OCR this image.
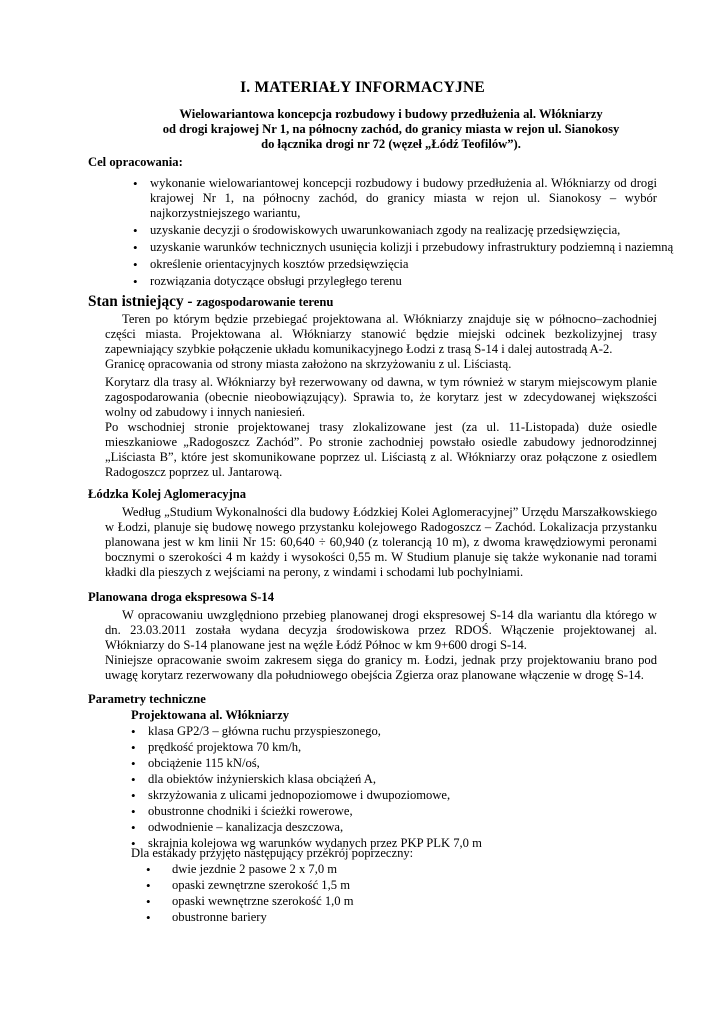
I. MATERIAŁY INFORMACYJNE
Wielowariantowa koncepcja rozbudowy i budowy przedłużenia al. Włókniarzy
od drogi krajowej Nr 1, na północny zachód, do granicy miasta w rejon ul. Sianokosy
do łącznika drogi nr 72 (węzeł „Łódź Teofilów”).
Cel opracowania:
• wykonanie wielowariantowej koncepcji rozbudowy i budowy przedłużenia al. Włókniarzy od drogi krajowej Nr 1, na północny zachód, do granicy miasta w rejon ul. Sianokosy – wybór najkorzystniejszego wariantu,
• uzyskanie decyzji o środowiskowych uwarunkowaniach zgody na realizację przedsięwzięcia,
• uzyskanie warunków technicznych usunięcia kolizji i przebudowy infrastruktury podziemną i naziemną
• określenie orientacyjnych kosztów przedsięwzięcia
• rozwiązania dotyczące obsługi przyległego terenu
Stan istniejący - zagospodarowanie terenu

Teren po którym będzie przebiegać projektowana al. Włókniarzy znajduje się w północno–zachodniej części miasta. Projektowana al. Włókniarzy stanowić będzie miejski odcinek bezkolizyjnej trasy zapewniający szybkie połączenie układu komunikacyjnego Łodzi z trasą S-14 i dalej autostradą A-2.

Granicę opracowania od strony miasta założono na skrzyżowaniu z ul. Liściastą.

Korytarz dla trasy al. Włókniarzy był rezerwowany od dawna, w tym również w starym miejscowym planie zagospodarowania (obecnie nieobowiązujący). Sprawia to, że korytarz jest w zdecydowanej większości wolny od zabudowy i innych naniesień.

Po wschodniej stronie projektowanej trasy zlokalizowane jest (za ul. 11-Listopada) duże osiedle mieszkaniowe „Radogoszcz Zachód”. Po stronie zachodniej powstało osiedle zabudowy jednorodzinnej „Liściasta B”, które jest skomunikowane poprzez ul. Liściastą z al. Włókniarzy oraz połączone z osiedlem Radogoszcz poprzez ul. Jantarową.

Łódzka Kolej Aglomeracyjna

Według „Studium Wykonalności dla budowy Łódzkiej Kolei Aglomeracyjnej” Urzędu Marszałkowskiego w Łodzi, planuje się budowę nowego przystanku kolejowego Radogoszcz – Zachód. Lokalizacja przystanku planowana jest w km linii Nr 15: 60,640 ÷ 60,940 (z tolerancją 10 m), z dwoma krawędziowymi peronami bocznymi o szerokości 4 m każdy i wysokości 0,55 m. W Studium planuje się także wykonanie nad torami kładki dla pieszych z wejściami na perony, z windami i schodami lub pochylniami.

Planowana droga ekspresowa S-14

W opracowaniu uwzględniono przebieg planowanej drogi ekspresowej S-14 dla wariantu dla którego w dn. 23.03.2011 została wydana decyzja środowiskowa przez RDOŚ. Włączenie projektowanej al. Włókniarzy do S-14 planowane jest na węźle Łódź Północ w km 9+600 drogi S-14.

Niniejsze opracowanie swoim zakresem sięga do granicy m. Łodzi, jednak przy projektowaniu brano pod uwagę korytarz rezerwowany dla południowego obejścia Zgierza oraz planowane włączenie w drogę S-14.

Parametry techniczne
Projektowana al. Włókniarzy
• klasa GP2/3 – główna ruchu przyspieszonego,
• prędkość projektowa 70 km/h,
• obciążenie 115 kN/oś,
• dla obiektów inżynierskich klasa obciążeń A,
• skrzyżowania z ulicami jednopoziomowe i dwupoziomowe,
• obustronne chodniki i ścieżki rowerowe,
• odwodnienie – kanalizacja deszczowa,
• skrajnia kolejowa wg warunków wydanych przez PKP PLK 7,0 m
Dla estakady przyjęto następujący przekrój poprzeczny:
• dwie jezdnie 2 pasowe 2 x 7,0 m
• opaski zewnętrzne szerokość 1,5 m
• opaski wewnętrzne szerokość 1,0 m
• obustronne bariery
